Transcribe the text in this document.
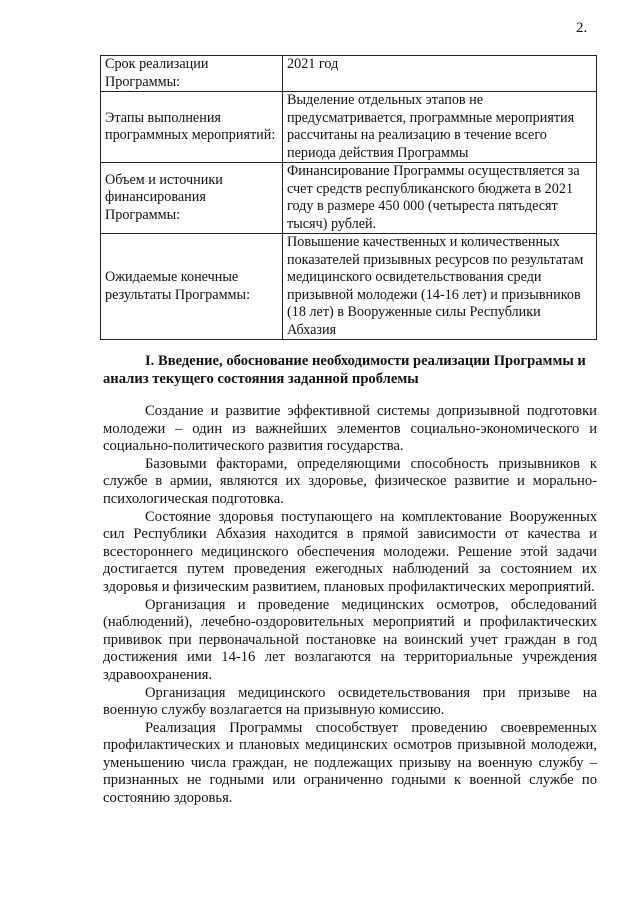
2.
Срок реализации Программы:	2021 год
Этапы выполнения программных мероприятий:	Выделение отдельных этапов не предусматривается, программные мероприятия рассчитаны на реализацию в течение всего периода действия Программы
Объем и источники финансирования Программы:	Финансирование Программы осуществляется за счет средств республиканского бюджета в 2021 году в размере 450 000 (четыреста пятьдесят тысяч) рублей.
Ожидаемые конечные результаты Программы:	Повышение качественных и количественных показателей призывных ресурсов по результатам медицинского освидетельствования среди призывной молодежи (14-16 лет) и призывников (18 лет) в Вооруженные силы Республики Абхазия

I. Введение, обоснование необходимости реализации Программы и анализ текущего состояния заданной проблемы

Создание и развитие эффективной системы допризывной подготовки молодежи – один из важнейших элементов социально-экономического и социально-политического развития государства.

Базовыми факторами, определяющими способность призывников к службе в армии, являются их здоровье, физическое развитие и морально-психологическая подготовка.

Состояние здоровья поступающего на комплектование Вооруженных сил Республики Абхазия находится в прямой зависимости от качества и всестороннего медицинского обеспечения молодежи. Решение этой задачи достигается путем проведения ежегодных наблюдений за состоянием их здоровья и физическим развитием, плановых профилактических мероприятий.

Организация и проведение медицинских осмотров, обследований (наблюдений), лечебно-оздоровительных мероприятий и профилактических прививок при первоначальной постановке на воинский учет граждан в год достижения ими 14-16 лет возлагаются на территориальные учреждения здравоохранения.

Организация медицинского освидетельствования при призыве на военную службу возлагается на призывную комиссию.

Реализация Программы способствует проведению своевременных профилактических и плановых медицинских осмотров призывной молодежи, уменьшению числа граждан, не подлежащих призыву на военную службу – признанных не годными или ограниченно годными к военной службе по состоянию здоровья.
